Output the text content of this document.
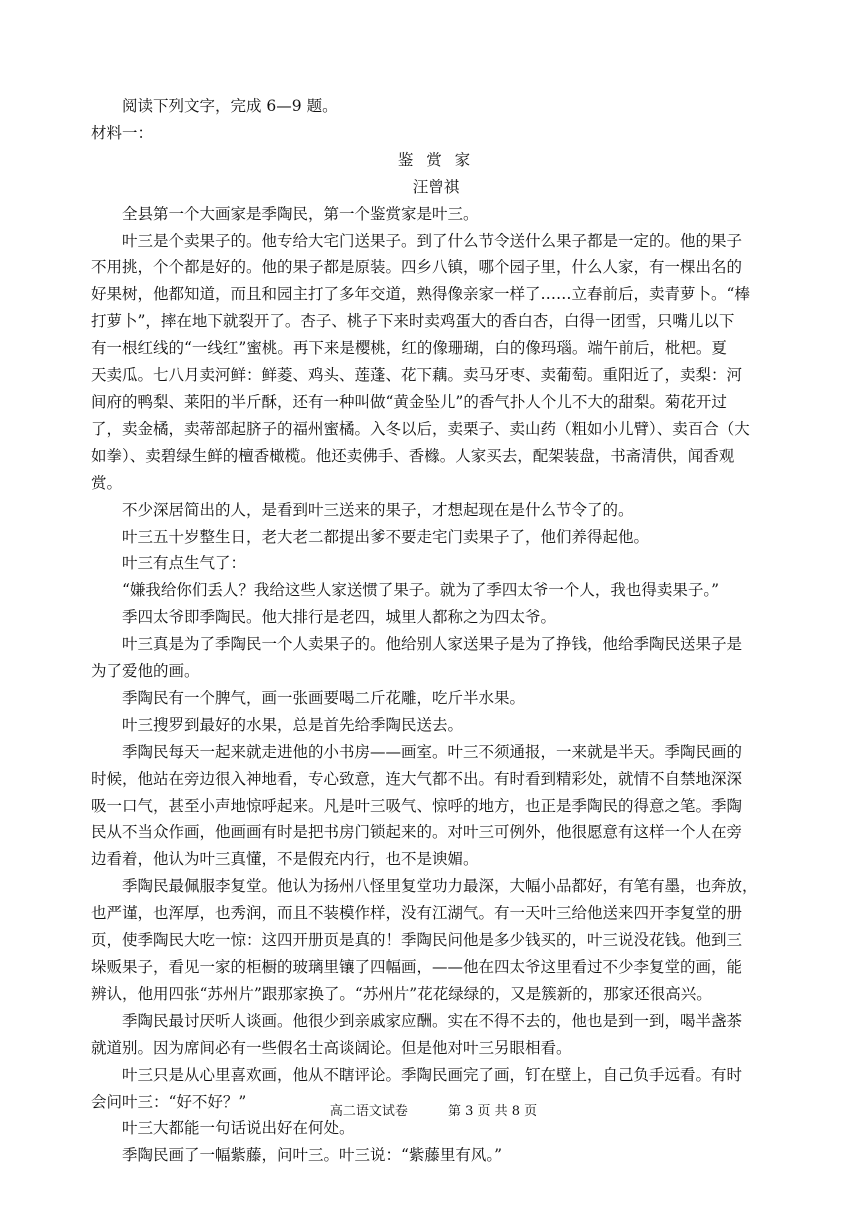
阅读下列文字，完成 6—9 题。

材料一：

鉴 赏 家

汪曾祺

全县第一个大画家是季陶民，第一个鉴赏家是叶三。

叶三是个卖果子的。他专给大宅门送果子。到了什么节令送什么果子都是一定的。他的果子

不用挑，个个都是好的。他的果子都是原装。四乡八镇，哪个园子里，什么人家，有一棵出名的

好果树，他都知道，而且和园主打了多年交道，熟得像亲家一样了……立春前后，卖青萝卜。“棒

打萝卜”，摔在地下就裂开了。杏子、桃子下来时卖鸡蛋大的香白杏，白得一团雪，只嘴儿以下

有一根红线的“一线红”蜜桃。再下来是樱桃，红的像珊瑚，白的像玛瑙。端午前后，枇杷。夏

天卖瓜。七八月卖河鲜：鲜菱、鸡头、莲蓬、花下藕。卖马牙枣、卖葡萄。重阳近了，卖梨：河

间府的鸭梨、莱阳的半斤酥，还有一种叫做“黄金坠儿”的香气扑人个儿不大的甜梨。菊花开过

了，卖金橘，卖蒂部起脐子的福州蜜橘。入冬以后，卖栗子、卖山药（粗如小儿臂）、卖百合（大

如拳）、卖碧绿生鲜的檀香橄榄。他还卖佛手、香橼。人家买去，配架装盘，书斋清供，闻香观

赏。

不少深居简出的人，是看到叶三送来的果子，才想起现在是什么节令了的。

叶三五十岁整生日，老大老二都提出爹不要走宅门卖果子了，他们养得起他。

叶三有点生气了：

“嫌我给你们丢人？我给这些人家送惯了果子。就为了季四太爷一个人，我也得卖果子。”

季四太爷即季陶民。他大排行是老四，城里人都称之为四太爷。

叶三真是为了季陶民一个人卖果子的。他给别人家送果子是为了挣钱，他给季陶民送果子是

为了爱他的画。

季陶民有一个脾气，画一张画要喝二斤花雕，吃斤半水果。

叶三搜罗到最好的水果，总是首先给季陶民送去。

季陶民每天一起来就走进他的小书房——画室。叶三不须通报，一来就是半天。季陶民画的

时候，他站在旁边很入神地看，专心致意，连大气都不出。有时看到精彩处，就情不自禁地深深

吸一口气，甚至小声地惊呼起来。凡是叶三吸气、惊呼的地方，也正是季陶民的得意之笔。季陶

民从不当众作画，他画画有时是把书房门锁起来的。对叶三可例外，他很愿意有这样一个人在旁

边看着，他认为叶三真懂，不是假充内行，也不是谀媚。

季陶民最佩服李复堂。他认为扬州八怪里复堂功力最深，大幅小品都好，有笔有墨，也奔放，

也严谨，也浑厚，也秀润，而且不装模作样，没有江湖气。有一天叶三给他送来四开李复堂的册

页，使季陶民大吃一惊：这四开册页是真的！季陶民问他是多少钱买的，叶三说没花钱。他到三

垛贩果子，看见一家的柜橱的玻璃里镶了四幅画，——他在四太爷这里看过不少李复堂的画，能

辨认，他用四张“苏州片”跟那家换了。“苏州片”花花绿绿的，又是簇新的，那家还很高兴。

季陶民最讨厌听人谈画。他很少到亲戚家应酬。实在不得不去的，他也是到一到，喝半盏茶

就道别。因为席间必有一些假名士高谈阔论。但是他对叶三另眼相看。

叶三只是从心里喜欢画，他从不瞎评论。季陶民画完了画，钉在壁上，自己负手远看。有时

会问叶三：“好不好？”

叶三大都能一句话说出好在何处。

季陶民画了一幅紫藤，问叶三。叶三说：“紫藤里有风。”

高二语文试卷	第 3 页 共 8 页
